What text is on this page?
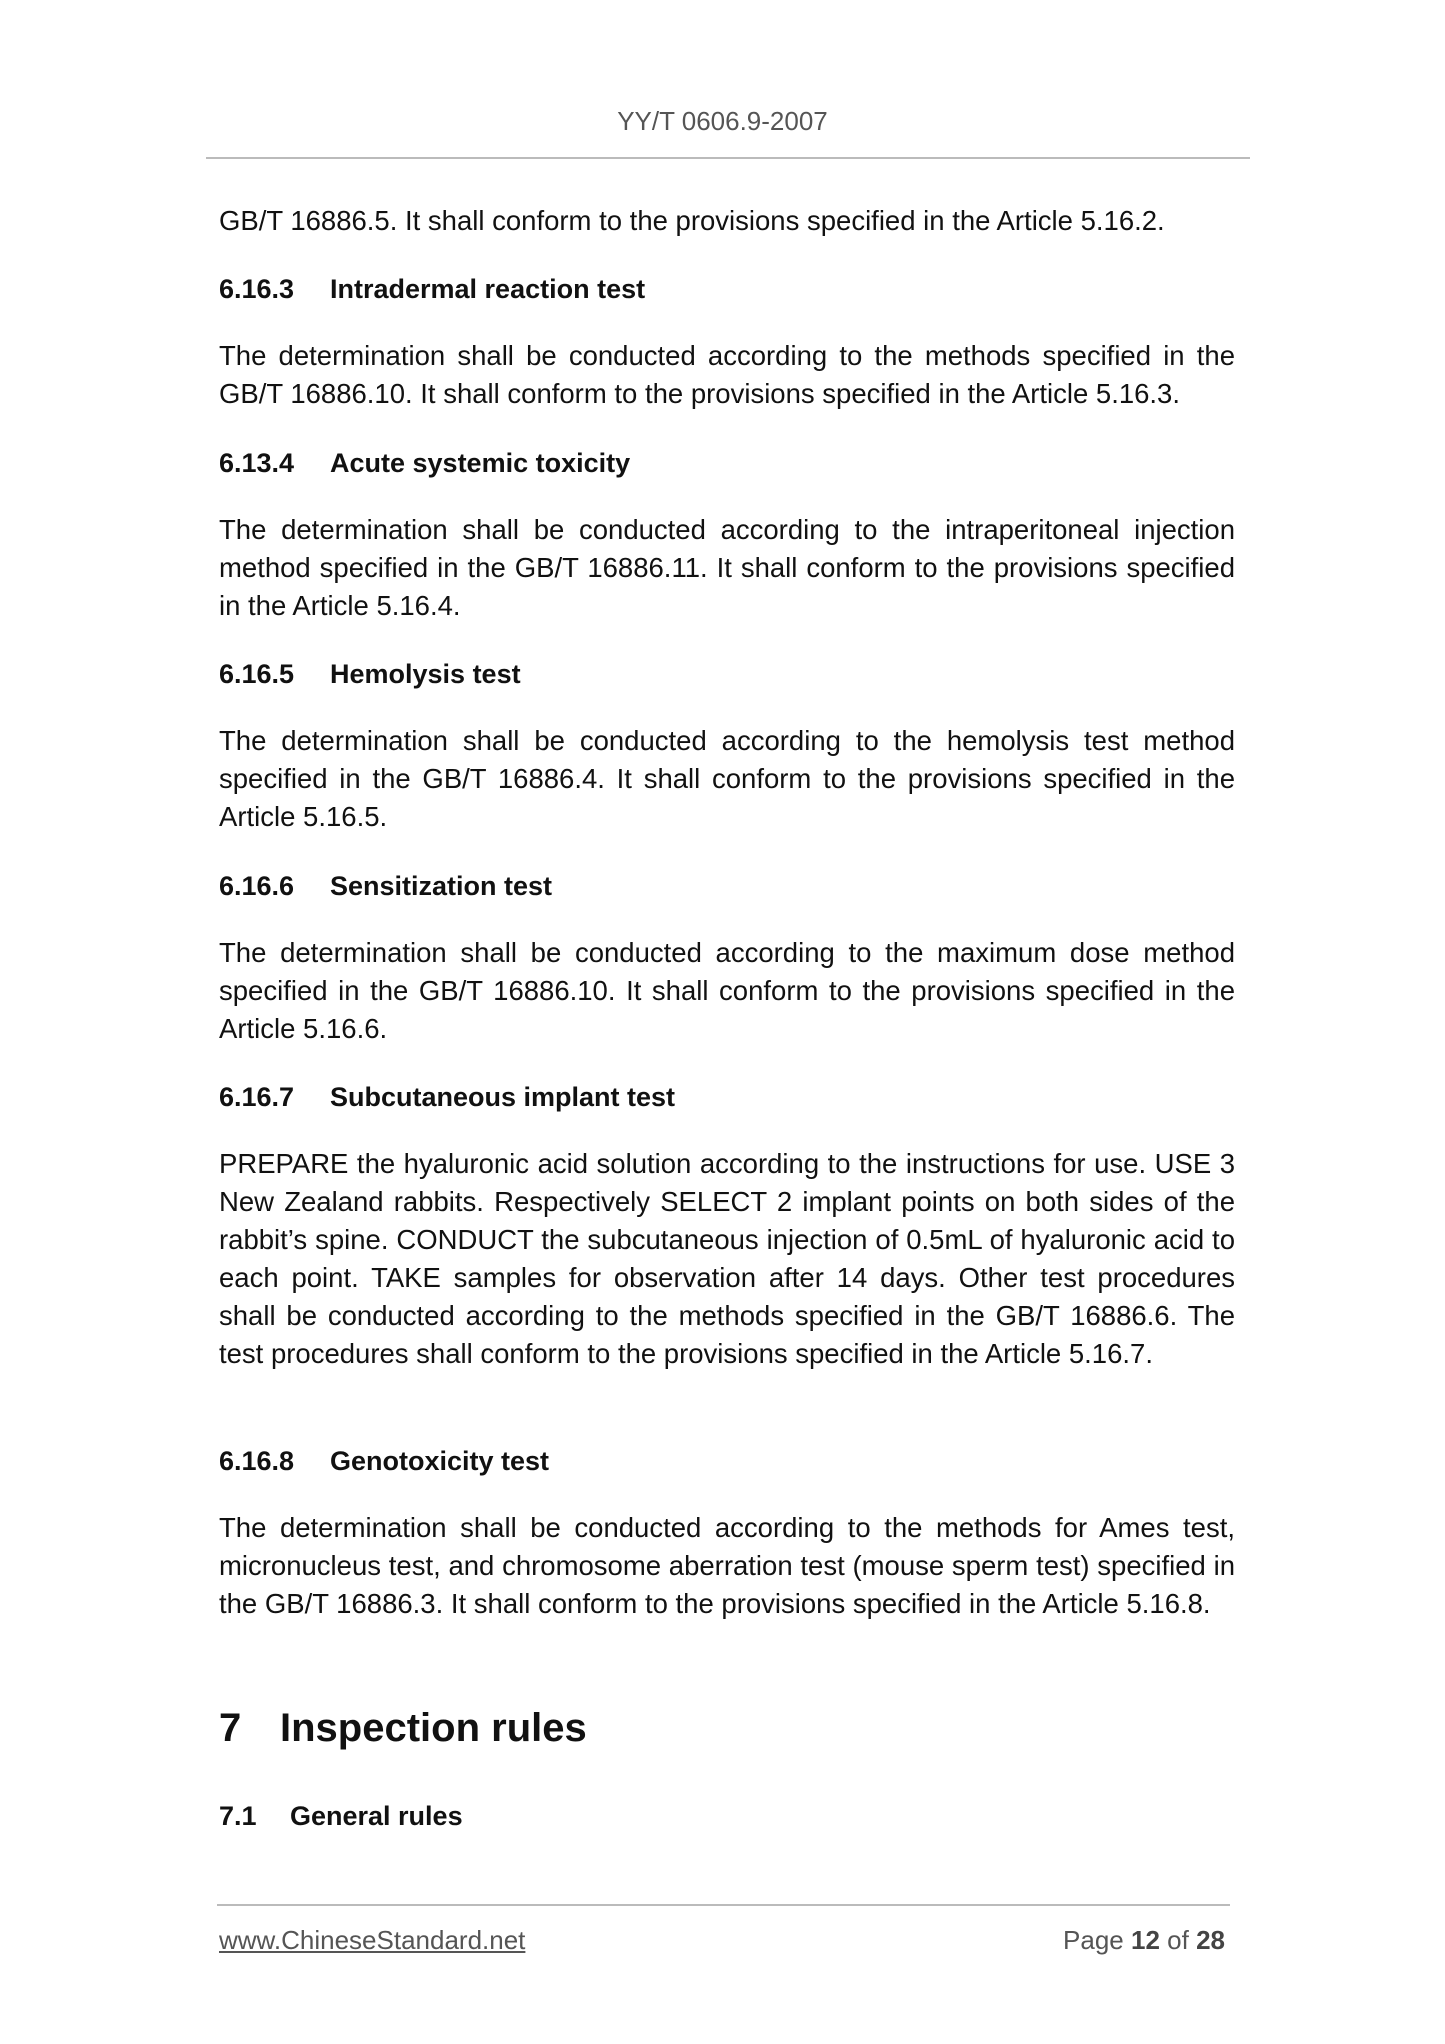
YY/T 0606.9-2007
GB/T 16886.5. It shall conform to the provisions specified in the Article 5.16.2.
6.16.3 Intradermal reaction test
The determination shall be conducted according to the methods specified in the GB/T 16886.10. It shall conform to the provisions specified in the Article 5.16.3.
6.13.4 Acute systemic toxicity
The determination shall be conducted according to the intraperitoneal injection method specified in the GB/T 16886.11. It shall conform to the provisions specified in the Article 5.16.4.
6.16.5 Hemolysis test
The determination shall be conducted according to the hemolysis test method specified in the GB/T 16886.4. It shall conform to the provisions specified in the Article 5.16.5.
6.16.6 Sensitization test
The determination shall be conducted according to the maximum dose method specified in the GB/T 16886.10. It shall conform to the provisions specified in the Article 5.16.6.
6.16.7 Subcutaneous implant test
PREPARE the hyaluronic acid solution according to the instructions for use. USE 3 New Zealand rabbits. Respectively SELECT 2 implant points on both sides of the rabbit’s spine. CONDUCT the subcutaneous injection of 0.5mL of hyaluronic acid to each point. TAKE samples for observation after 14 days. Other test procedures shall be conducted according to the methods specified in the GB/T 16886.6. The test procedures shall conform to the provisions specified in the Article 5.16.7.
6.16.8 Genotoxicity test
The determination shall be conducted according to the methods for Ames test, micronucleus test, and chromosome aberration test (mouse sperm test) specified in the GB/T 16886.3. It shall conform to the provisions specified in the Article 5.16.8.
7 Inspection rules
7.1 General rules
www.ChineseStandard.net	Page 12 of 28
